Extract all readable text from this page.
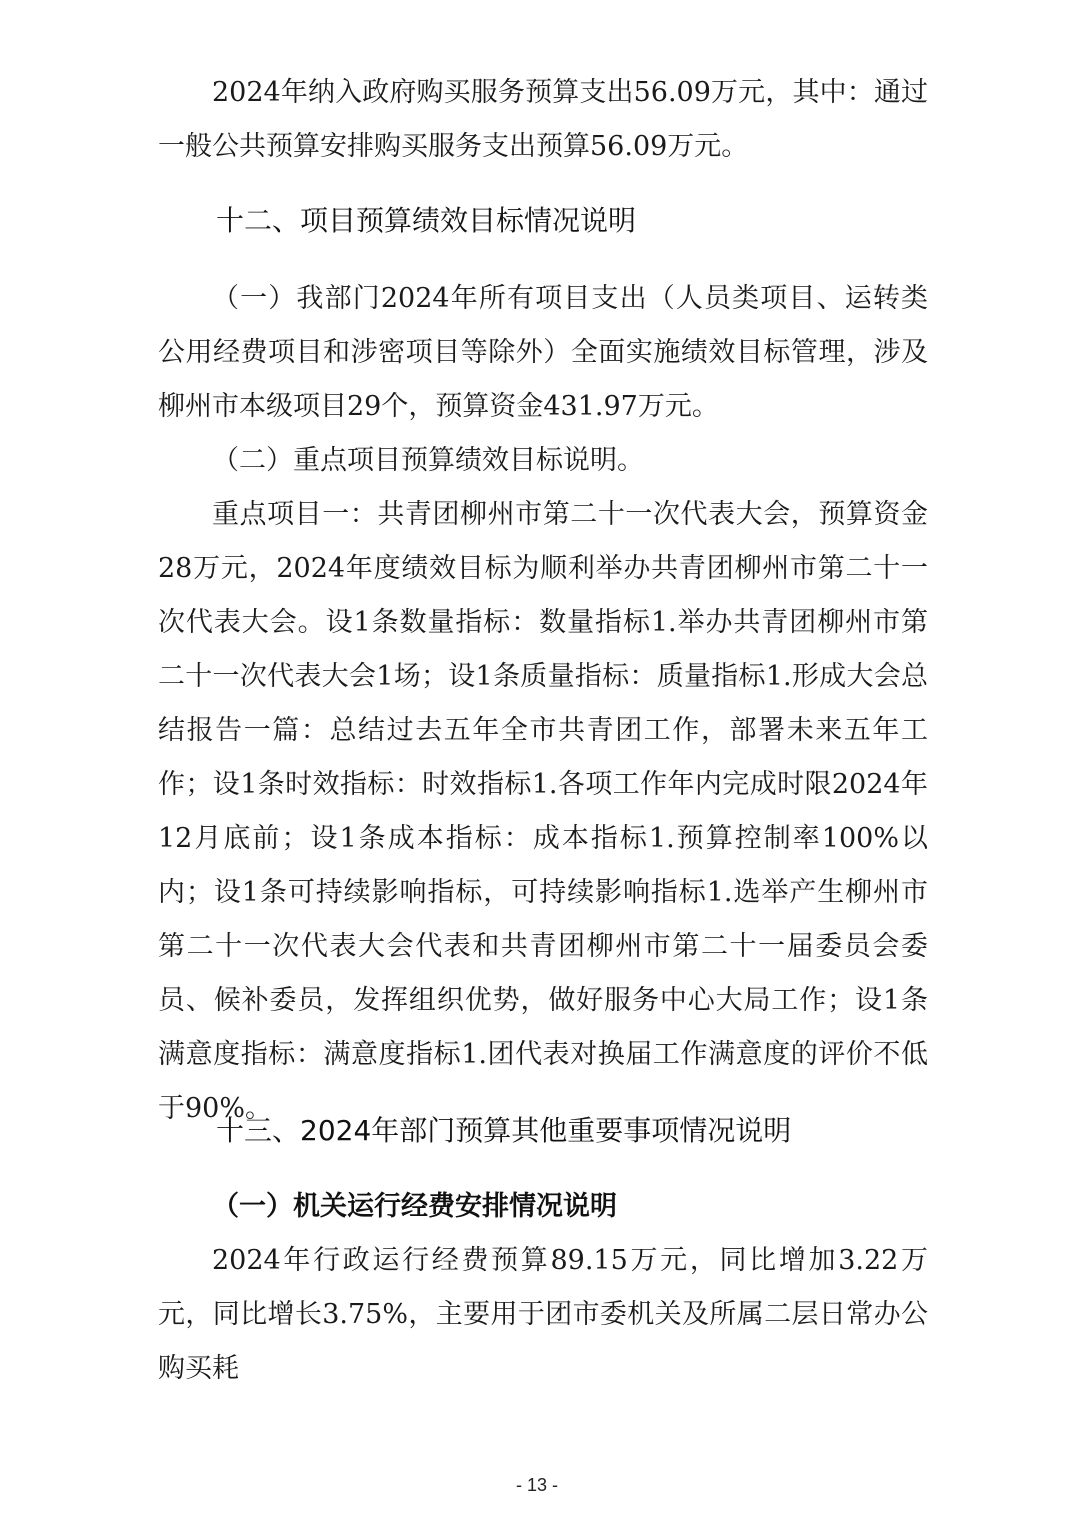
2024年纳入政府购买服务预算支出56.09万元，其中：通过一般公共预算安排购买服务支出预算56.09万元。

十二、项目预算绩效目标情况说明

（一）我部门2024年所有项目支出（人员类项目、运转类公用经费项目和涉密项目等除外）全面实施绩效目标管理，涉及柳州市本级项目29个，预算资金431.97万元。

（二）重点项目预算绩效目标说明。

重点项目一：共青团柳州市第二十一次代表大会，预算资金28万元，2024年度绩效目标为顺利举办共青团柳州市第二十一次代表大会。设1条数量指标：数量指标1.举办共青团柳州市第二十一次代表大会1场；设1条质量指标：质量指标1.形成大会总结报告一篇：总结过去五年全市共青团工作，部署未来五年工作；设1条时效指标：时效指标1.各项工作年内完成时限2024年12月底前；设1条成本指标：成本指标1.预算控制率100%以内；设1条可持续影响指标，可持续影响指标1.选举产生柳州市第二十一次代表大会代表和共青团柳州市第二十一届委员会委员、候补委员，发挥组织优势，做好服务中心大局工作；设1条满意度指标：满意度指标1.团代表对换届工作满意度的评价不低于90%。

十三、2024年部门预算其他重要事项情况说明

（一）机关运行经费安排情况说明

2024年行政运行经费预算89.15万元，同比增加3.22万元，同比增长3.75%，主要用于团市委机关及所属二层日常办公购买耗

- 13 -
